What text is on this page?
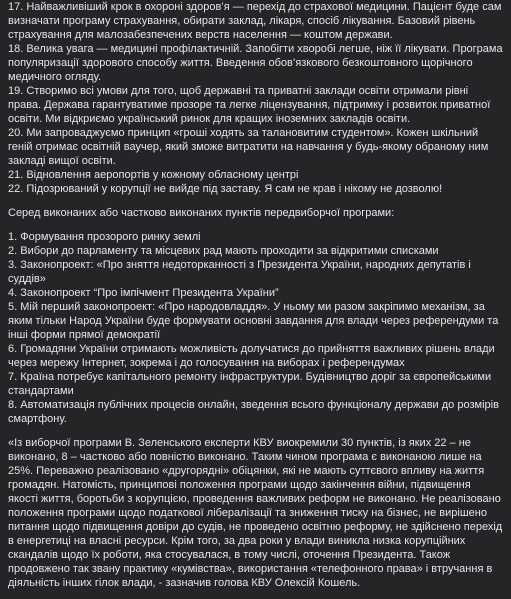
17. Найважливіший крок в охороні здоров’я — перехід до страхової медицини. Пацієнт буде сам визначати програму страхування, обирати заклад, лікаря, спосіб лікування. Базовий рівень страхування для малозабезпечених верств населення — коштом держави.

18. Велика увага — медицині профілактичній. Запобігти хворобі легше, ніж її лікувати. Програма популяризації здорового способу життя. Введення обов’язкового безкоштовного щорічного медичного огляду.

19. Створимо всі умови для того, щоб державні та приватні заклади освіти отримали рівні права. Держава гарантуватиме прозоре та легке ліцензування, підтримку і розвиток приватної освіти. Ми відкриємо український ринок для кращих іноземних закладів освіти.

20. Ми запроваджуємо принцип «гроші ходять за талановитим студентом». Кожен шкільний геній отримає освітній ваучер, який зможе витратити на навчання у будь-якому обраному ним закладі вищої освіти.

21. Відновлення аеропортів у кожному обласному центрі

22. Підозрюваний у корупції не вийде під заставу. Я сам не крав і нікому не дозволю!

Серед виконаних або частково виконаних пунктів передвиборчої програми:

1. Формування прозорого ринку землі

2. Вибори до парламенту та місцевих рад мають проходити за відкритими списками

3. Законопроект: «Про зняття недоторканності з Президента України, народних депутатів і суддів»

4. Законопроект “Про імпічмент Президента України”

5. Мій перший законопроект: «Про народовладдя». У ньому ми разом закріпимо механізм, за яким тільки Народ України буде формувати основні завдання для влади через референдуми та інші форми прямої демократії

6. Громадяни України отримають можливість долучатися до прийняття важливих рішень влади через мережу Інтернет, зокрема і до голосування на виборах і референдумах

7. Країна потребує капітального ремонту інфраструктури. Будівництво доріг за європейськими стандартами

8. Автоматизація публічних процесів онлайн, зведення всього функціоналу держави до розмірів смартфону.

«Із виборчої програми В. Зеленського експерти КВУ виокремили 30 пунктів, із яких 22 – не виконано, 8 – частково або повністю виконано. Таким чином програма є виконаною лише на 25%. Переважно реалізовано «другорядні» обіцянки, які не мають суттєвого впливу на життя громадян. Натомість, принципові положення програми щодо закінчення війни, підвищення якості життя, боротьби з корупцією, проведення важливих реформ не виконано. Не реалізовано положення програми щодо податкової лібералізації та зниження тиску на бізнес, не вирішено питання щодо підвищення довіри до судів, не проведено освітню реформу, не здійснено перехід в енергетиці на власні ресурси. Крім того, за два роки у влади виникла низка корупційних скандалів щодо їх роботи, яка стосувалася, в тому числі, оточення Президента. Також продовжено так звану практику «кумівства», використання «телефонного права» і втручання в діяльність інших гілок влади, - зазначив голова КВУ Олексій Кошель.
